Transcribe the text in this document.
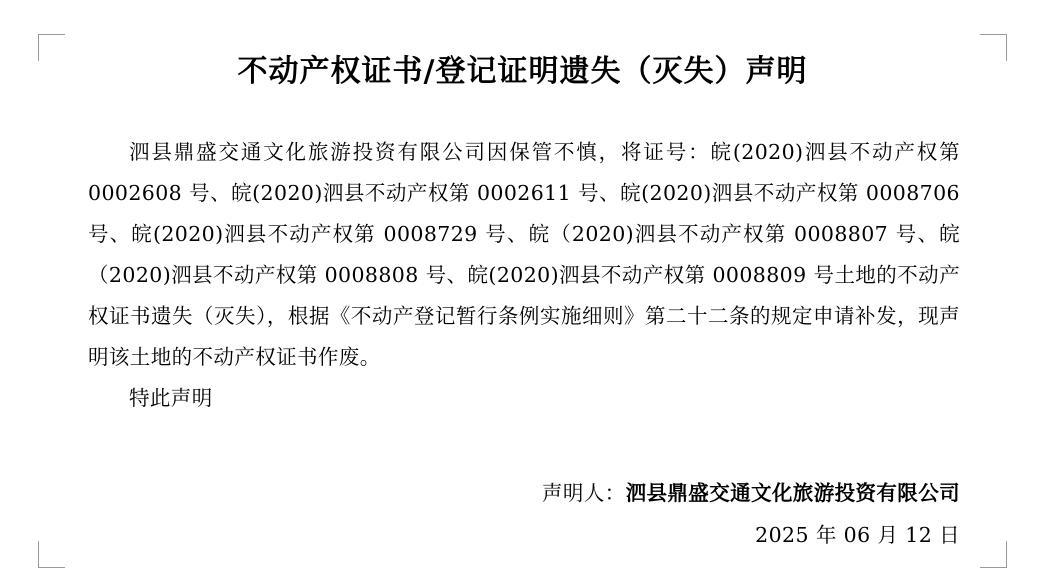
不动产权证书/登记证明遗失（灭失）声明

泗县鼎盛交通文化旅游投资有限公司因保管不慎，将证号：皖(2020)泗县不动产权第 0002608 号、皖(2020)泗县不动产权第 0002611 号、皖(2020)泗县不动产权第 0008706 号、皖(2020)泗县不动产权第 0008729 号、皖（2020)泗县不动产权第 0008807 号、皖（2020)泗县不动产权第 0008808 号、皖(2020)泗县不动产权第 0008809 号土地的不动产权证书遗失（灭失），根据《不动产登记暂行条例实施细则》第二十二条的规定申请补发，现声明该土地的不动产权证书作废。

特此声明

声明人：泗县鼎盛交通文化旅游投资有限公司
2025 年 06 月 12 日
